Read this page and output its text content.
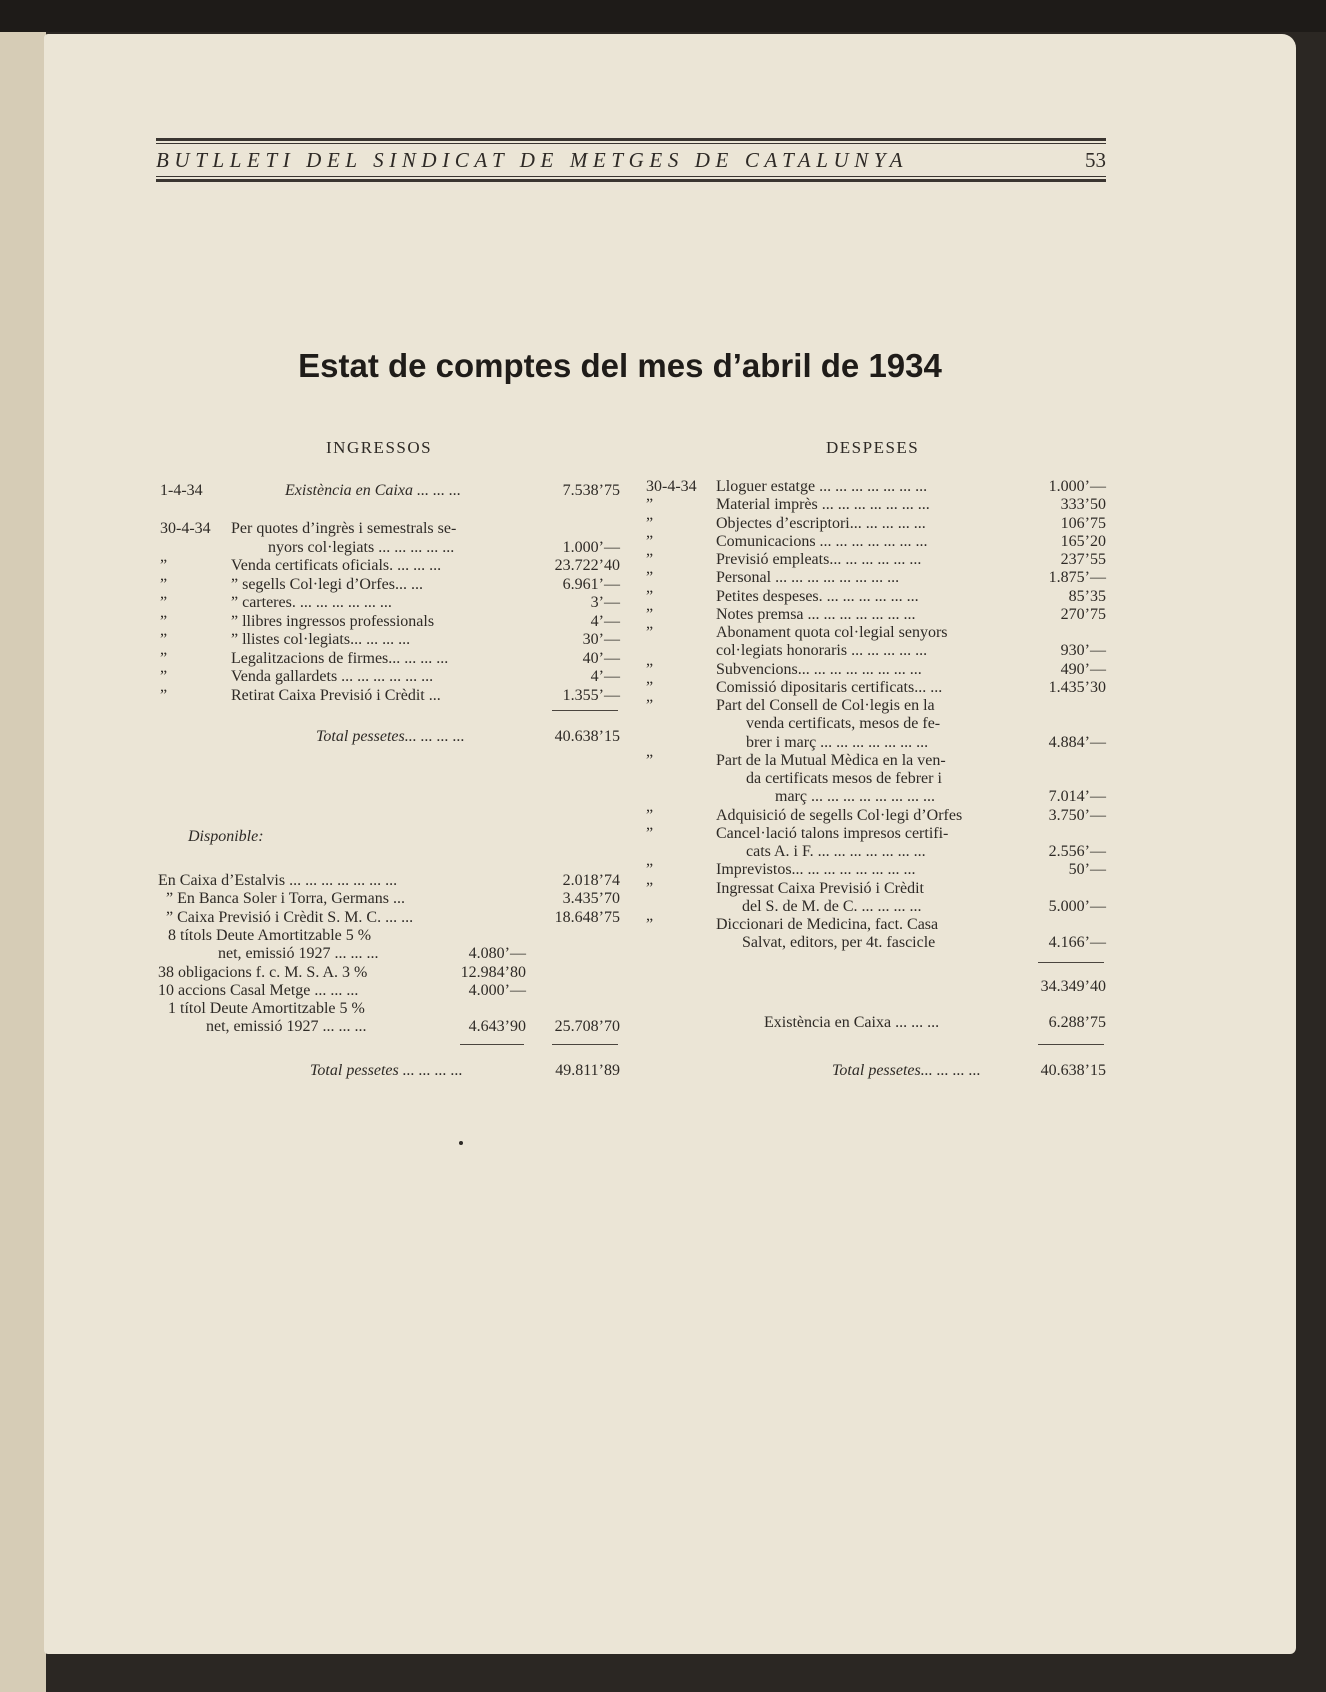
BUTLLETI DEL SINDICAT DE METGES DE CATALUNYA	53
Estat de comptes del mes d’abril de 1934
INGRESSOS	DESPESES
1-4-34	Existència en Caixa ... ... ...	7.538’75
30-4-34	Per quotes d’ingrès i semestrals se-
nyors col·legiats ... ... ... ... ...	1.000’—
”	Venda certificats oficials. ... ... ...	23.722’40
”	” segells Col·legi d’Orfes... ...	6.961’—
”	” carteres. ... ... ... ... ... ...	3’—
”	” llibres ingressos professionals	4’—
”	” llistes col·legiats... ... ... ...	30’—
”	Legalitzacions de firmes... ... ... ...	40’—
”	Venda gallardets ... ... ... ... ... ...	4’—
”	Retirat Caixa Previsió i Crèdit ...	1.355’—
Total pessetes... ... ... ...	40.638’15
Disponible:
En Caixa d’Estalvis ... ... ... ... ... ... ...	2.018’74
” En Banca Soler i Torra, Germans ...	3.435’70
” Caixa Previsió i Crèdit S. M. C. ... ...	18.648’75
8 títols Deute Amortitzable 5 %
net, emissió 1927 ... ... ...	4.080’—
38 obligacions f. c. M. S. A. 3 %	12.984’80
10 accions Casal Metge ... ... ...	4.000’—
1 títol Deute Amortitzable 5 %
net, emissió 1927 ... ... ...	4.643’90	25.708’70
Total pessetes ... ... ... ...	49.811’89
30-4-34	Lloguer estatge ... ... ... ... ... ... ...	1.000’—
”	Material imprès ... ... ... ... ... ... ...	333’50
”	Objectes d’escriptori... ... ... ... ...	106’75
”	Comunicacions ... ... ... ... ... ... ...	165’20
”	Previsió empleats... ... ... ... ... ...	237’55
”	Personal ... ... ... ... ... ... ... ...	1.875’—
”	Petites despeses. ... ... ... ... ... ...	85’35
”	Notes premsa ... ... ... ... ... ... ...	270’75
”	Abonament quota col·legial senyors
col·legiats honoraris ... ... ... ... ...	930’—
”	Subvencions... ... ... ... ... ... ... ...	490’—
”	Comissió dipositaris certificats... ...	1.435’30
”	Part del Consell de Col·legis en la
venda certificats, mesos de fe-
brer i març ... ... ... ... ... ... ...	4.884’—
”	Part de la Mutual Mèdica en la ven-
da certificats mesos de febrer i
març ... ... ... ... ... ... ... ...	7.014’—
”	Adquisició de segells Col·legi d’Orfes	3.750’—
”	Cancel·lació talons impresos certifi-
cats A. i F. ... ... ... ... ... ... ...	2.556’—
”	Imprevistos... ... ... ... ... ... ... ...	50’—
”	Ingressat Caixa Previsió i Crèdit
del S. de M. de C. ... ... ... ...	5.000’—
”	Diccionari de Medicina, fact. Casa
Salvat, editors, per 4t. fascicle	4.166’—
34.349’40
Existència en Caixa ... ... ...	6.288’75
Total pessetes... ... ... ...	40.638’15
